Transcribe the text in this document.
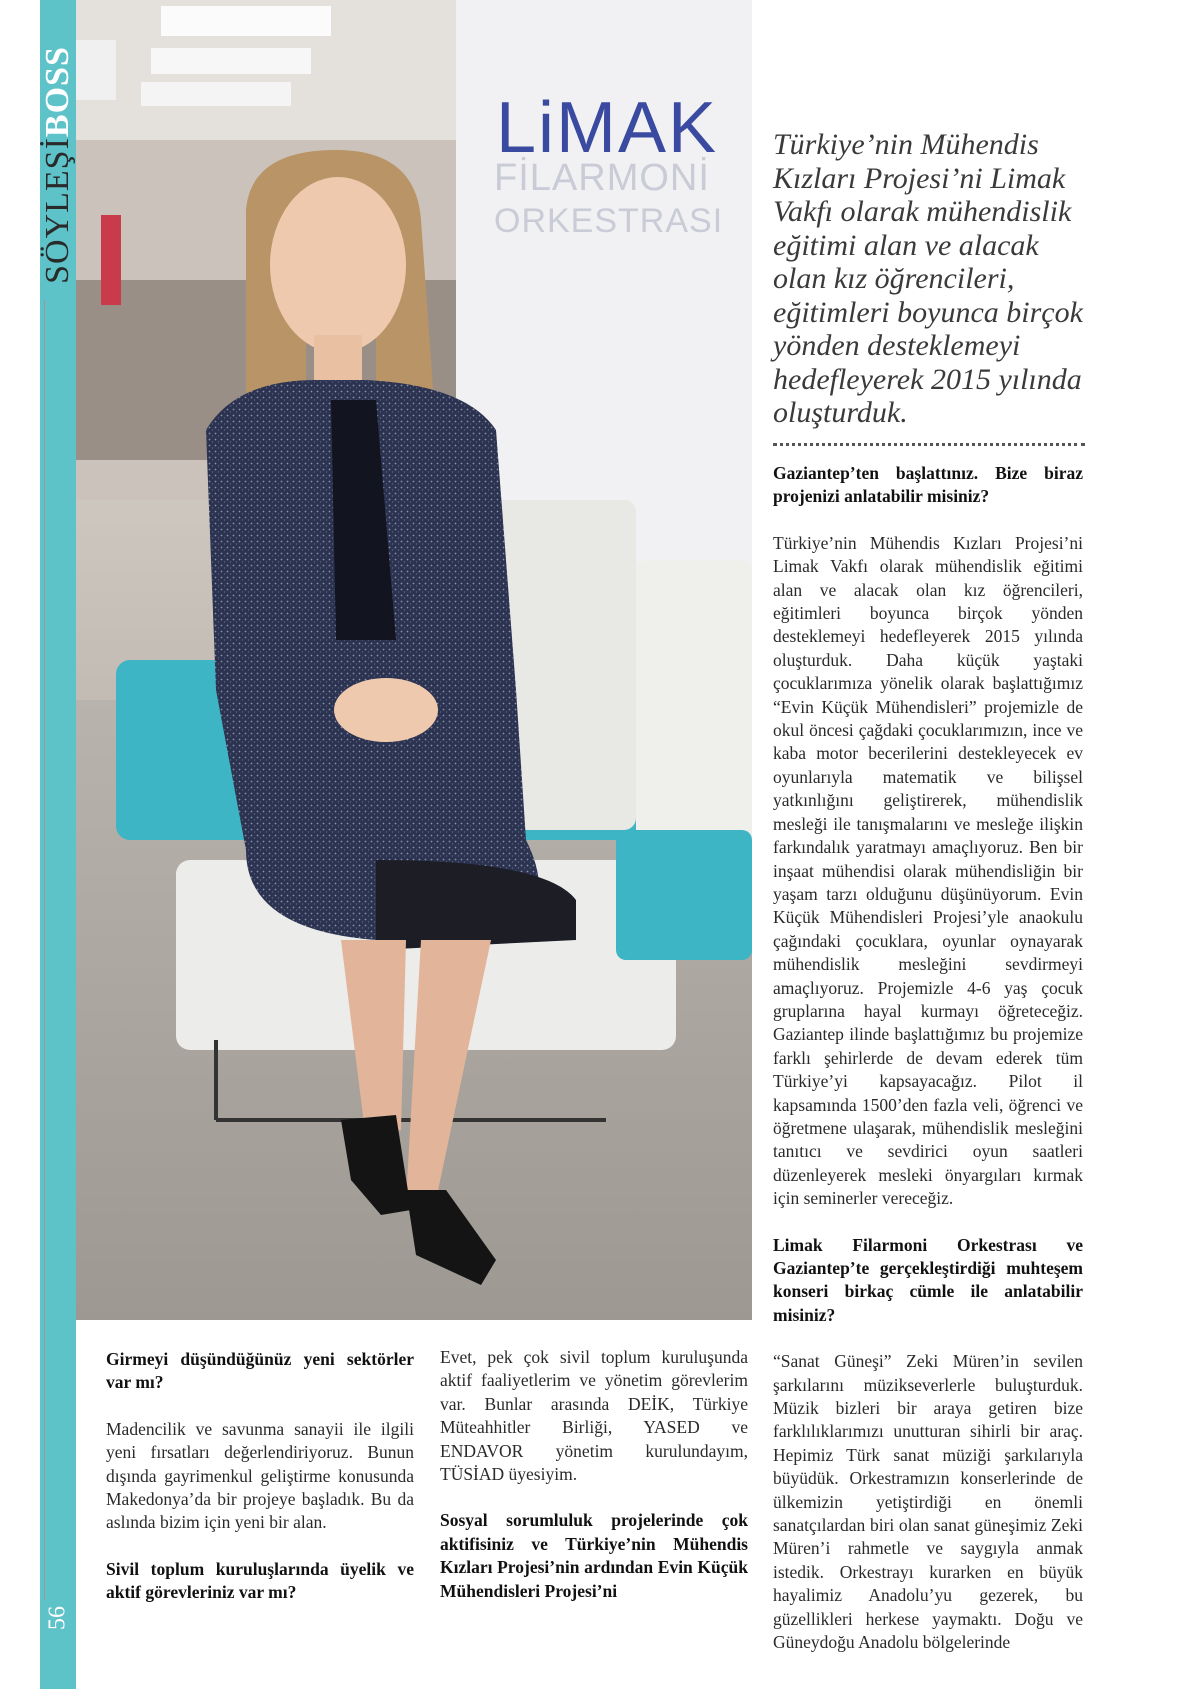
SÖYLEŞİBOSS
56
LiMAK
FİLARMONİ
ORKESTRASI

Türkiye’nin Mühendis Kızları Projesi’ni Limak Vakfı olarak mühendislik eğitimi alan ve alacak olan kız öğrencileri, eğitimleri boyunca birçok yönden desteklemeyi hedefleyerek 2015 yılında oluşturduk.

Gaziantep’ten başlattınız. Bize biraz projenizi anlatabilir misiniz?

Türkiye’nin Mühendis Kızları Projesi’ni Limak Vakfı olarak mühendislik eğitimi alan ve alacak olan kız öğrencileri, eğitimleri boyunca birçok yönden desteklemeyi hedefleyerek 2015 yılında oluşturduk. Daha küçük yaştaki çocuklarımıza yönelik olarak başlattığımız “Evin Küçük Mühendisleri” projemizle de okul öncesi çağdaki çocuklarımızın, ince ve kaba motor becerilerini destekleyecek ev oyunlarıyla matematik ve bilişsel yatkınlığını geliştirerek, mühendislik mesleği ile tanışmalarını ve mesleğe ilişkin farkındalık yaratmayı amaçlıyoruz. Ben bir inşaat mühendisi olarak mühendisliğin bir yaşam tarzı olduğunu düşünüyorum. Evin Küçük Mühendisleri Projesi’yle anaokulu çağındaki çocuklara, oyunlar oynayarak mühendislik mesleğini sevdirmeyi amaçlıyoruz. Projemizle 4-6 yaş çocuk gruplarına hayal kurmayı öğreteceğiz. Gaziantep ilinde başlattığımız bu projemize farklı şehirlerde de devam ederek tüm Türkiye’yi kapsayacağız. Pilot il kapsamında 1500’den fazla veli, öğrenci ve öğretmene ulaşarak, mühendislik mesleğini tanıtıcı ve sevdirici oyun saatleri düzenleyerek mesleki önyargıları kırmak için seminerler vereceğiz.

Limak Filarmoni Orkestrası ve Gaziantep’te gerçekleştirdiği muhteşem konseri birkaç cümle ile anlatabilir misiniz?

“Sanat Güneşi” Zeki Müren’in sevilen şarkılarını müzikseverlerle buluşturduk. Müzik bizleri bir araya getiren bize farklılıklarımızı unutturan sihirli bir araç. Hepimiz Türk sanat müziği şarkılarıyla büyüdük. Orkestramızın konserlerinde de ülkemizin yetiştirdiği en önemli sanatçılardan biri olan sanat güneşimiz Zeki Müren’i rahmetle ve saygıyla anmak istedik. Orkestrayı kurarken en büyük hayalimiz Anadolu’yu gezerek, bu güzellikleri herkese yaymaktı. Doğu ve Güneydoğu Anadolu bölgelerinde

Girmeyi düşündüğünüz yeni sektörler var mı?

Madencilik ve savunma sanayii ile ilgili yeni fırsatları değerlendiriyoruz. Bunun dışında gayrimenkul geliştirme konusunda Makedonya’da bir projeye başladık. Bu da aslında bizim için yeni bir alan.

Sivil toplum kuruluşlarında üyelik ve aktif görevleriniz var mı?

Evet, pek çok sivil toplum kuruluşunda aktif faaliyetlerim ve yönetim görevlerim var. Bunlar arasında DEİK, Türkiye Müteahhitler Birliği, YASED ve ENDAVOR yönetim kurulundayım, TÜSİAD üyesiyim.

Sosyal sorumluluk projelerinde çok aktifisiniz ve Türkiye’nin Mühendis Kızları Projesi’nin ardından Evin Küçük Mühendisleri Projesi’ni
